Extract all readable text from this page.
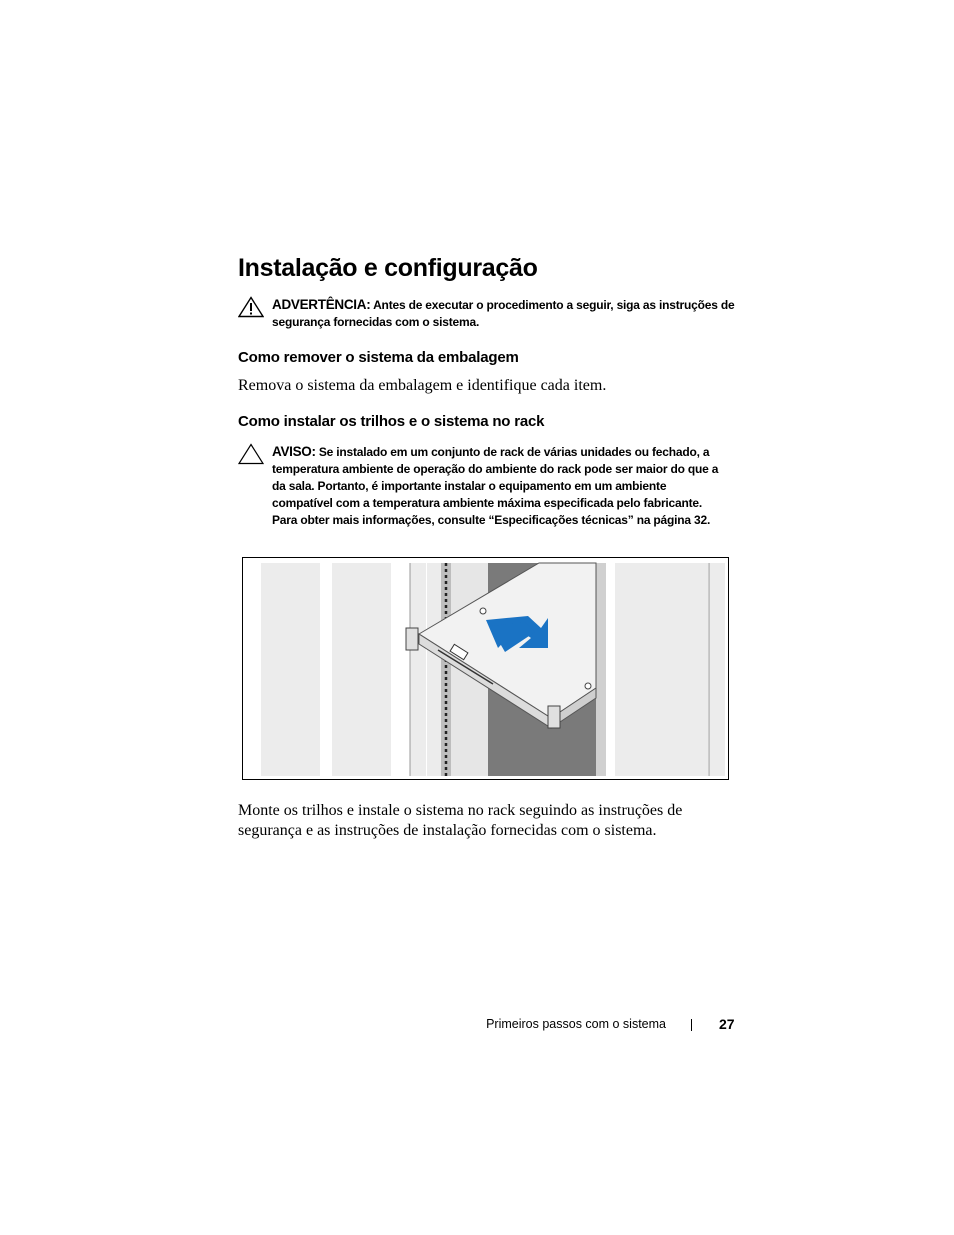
Instalação e configuração
ADVERTÊNCIA: Antes de executar o procedimento a seguir, siga as instruções de segurança fornecidas com o sistema.
Como remover o sistema da embalagem

Remova o sistema da embalagem e identifique cada item.

Como instalar os trilhos e o sistema no rack
AVISO: Se instalado em um conjunto de rack de várias unidades ou fechado, a temperatura ambiente de operação do ambiente do rack pode ser maior do que a da sala. Portanto, é importante instalar o equipamento em um ambiente compatível com a temperatura ambiente máxima especificada pelo fabricante. Para obter mais informações, consulte “Especificações técnicas” na página 32.

Monte os trilhos e instale o sistema no rack seguindo as instruções de segurança e as instruções de instalação fornecidas com o sistema.

Primeiros passos com o sistema	27
